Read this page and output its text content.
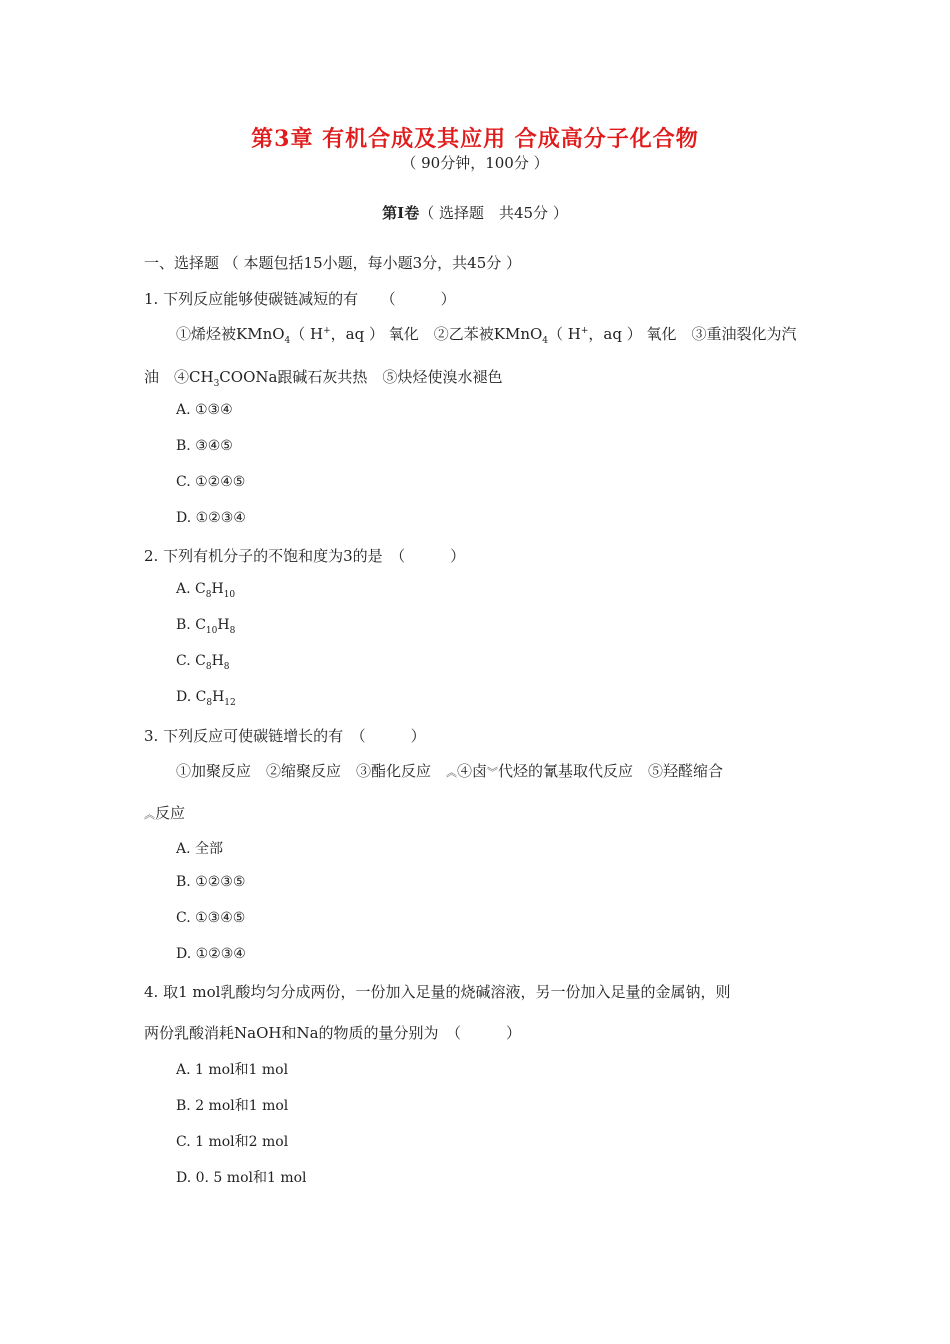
第3章 有机合成及其应用 合成高分子化合物
（ 90分钟，100分 ）
第Ⅰ卷（ 选择题　共45分 ）
一、选择题 （ 本题包括15小题，每小题3分，共45分 ）
1. 下列反应能够使碳链减短的有　　（　　　）
①烯烃被KMnO$_4$（ H+，aq ） 氧化　②乙苯被KMnO$_4$（ H+，aq ） 氧化　③重油裂化为汽
油　$④CH_3COONa$跟碱石灰共热　⑤炔烃使溴水褪色
A. ①③④
B. ③④⑤
C. ①②④⑤
D. ①②③④
2. 下列有机分子的不饱和度为3的是　（　　　）
A. $C_8H_{10}$
B. $C_{10}H_8$
C. $C_8H_8$
D. $C_8H_{12}$
3. 下列反应可使碳链增长的有　（　　　）
①加聚反应　②缩聚反应　③酯化反应　︽④卤︾代烃的氰基取代反应　⑤羟醛缩合
︽反应
A. 全部
B. ①②③⑤
C. ①③④⑤
D. ①②③④
4. 取1 mol乳酸均匀分成两份，一份加入足量的烧碱溶液，另一份加入足量的金属钠，则
两份乳酸消耗NaOH和Na的物质的量分别为　（　　　）
A. 1 mol和1 mol
B. 2 mol和1 mol
C. 1 mol和2 mol
D. 0. 5 mol和1 mol
